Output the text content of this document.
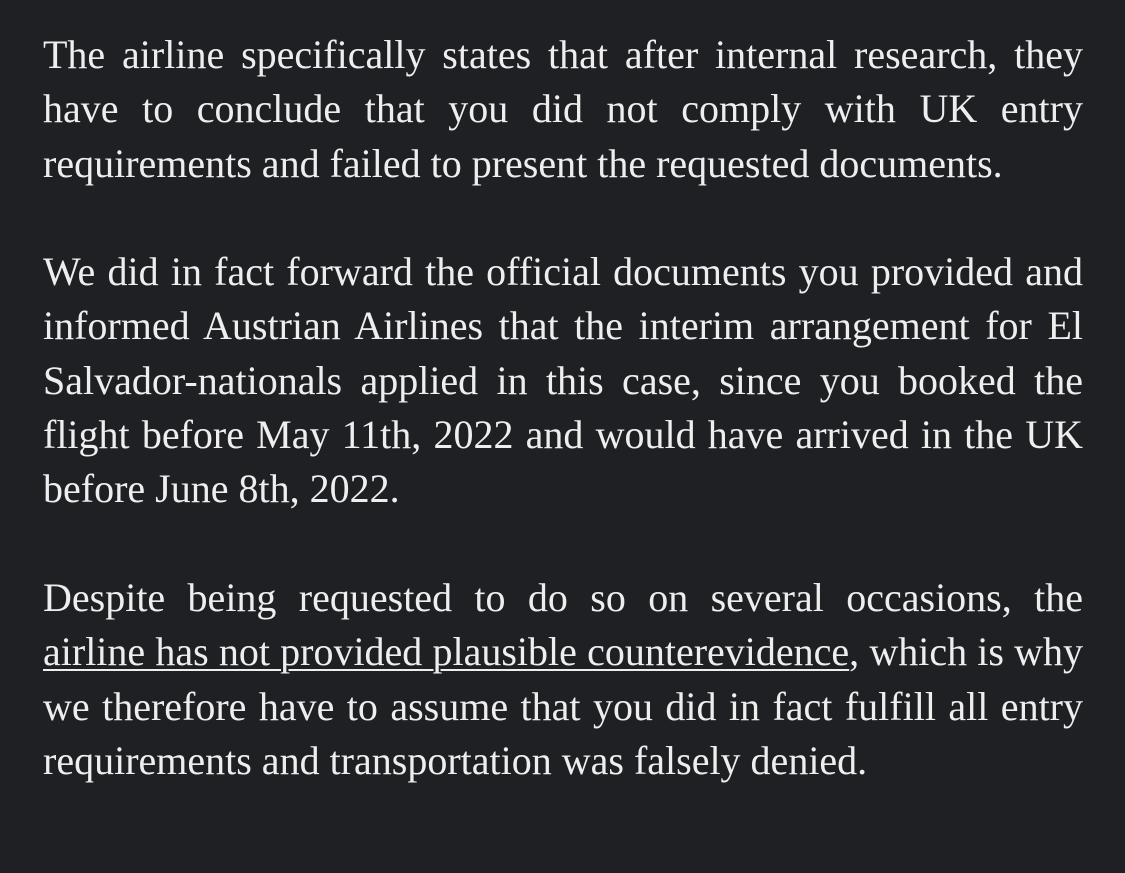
The airline specifically states that after internal research, they have to conclude that you did not comply with UK entry requirements and failed to present the requested documents.

We did in fact forward the official documents you provided and informed Austrian Airlines that the interim arrangement for El Salvador-nationals applied in this case, since you booked the flight before May 11th, 2022 and would have arrived in the UK before June 8th, 2022.

Despite being requested to do so on several occasions, the airline has not provided plausible counterevidence, which is why we therefore have to assume that you did in fact fulfill all entry requirements and transportation was falsely denied.
